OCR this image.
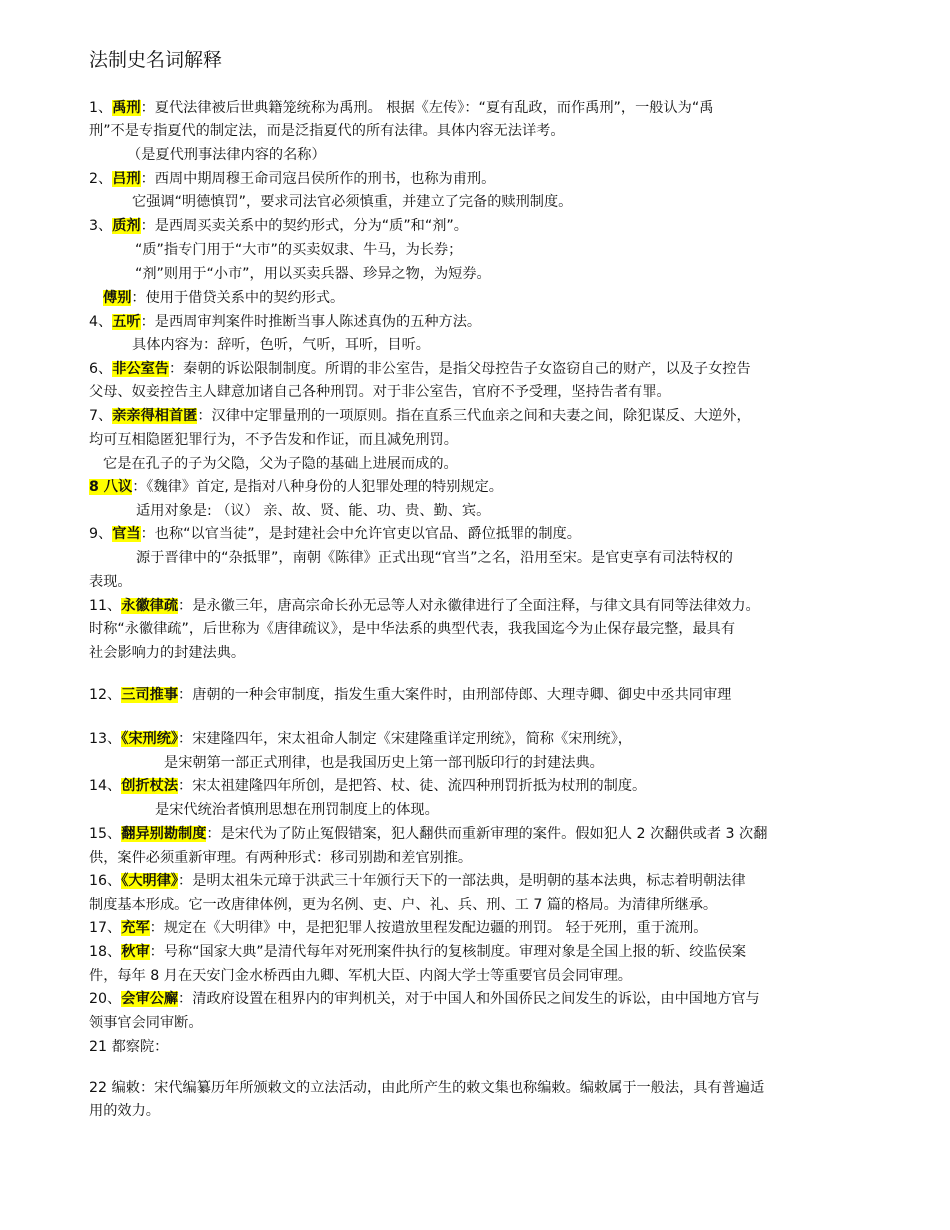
法制史名词解释
1、禹刑：夏代法律被后世典籍笼统称为禹刑。 根据《左传》：“夏有乱政，而作禹刑”，一般认为“禹
刑”不是专指夏代的制定法，而是泛指夏代的所有法律。具体内容无法详考。
（是夏代刑事法律内容的名称）
2、吕刑：西周中期周穆王命司寇吕侯所作的刑书，也称为甫刑。
它强调“明德慎罚”，要求司法官必须慎重，并建立了完备的赎刑制度。
3、质剂：是西周买卖关系中的契约形式，分为“质”和“剂”。
“质”指专门用于“大市”的买卖奴隶、牛马，为长券；
“剂”则用于“小市”，用以买卖兵器、珍异之物，为短券。
傅别：使用于借贷关系中的契约形式。
4、五听：是西周审判案件时推断当事人陈述真伪的五种方法。
具体内容为：辞听，色听，气听，耳听，目听。
6、非公室告：秦朝的诉讼限制制度。所谓的非公室告，是指父母控告子女盗窃自己的财产，以及子女控告
父母、奴妾控告主人肆意加诸自己各种刑罚。对于非公室告，官府不予受理，坚持告者有罪。
7、亲亲得相首匿：汉律中定罪量刑的一项原则。指在直系三代血亲之间和夫妻之间，除犯谋反、大逆外，
均可互相隐匿犯罪行为，不予告发和作证，而且减免刑罚。
它是在孔子的子为父隐，父为子隐的基础上进展而成的。
8 八议：《魏律》首定, 是指对八种身份的人犯罪处理的特别规定。
适用对象是: （议） 亲、故、贤、能、功、贵、勤、宾。
9、官当：也称“以官当徒”，是封建社会中允许官吏以官品、爵位抵罪的制度。
源于晋律中的“杂抵罪”，南朝《陈律》正式出现“官当”之名，沿用至宋。是官吏享有司法特权的
表现。
11、永徽律疏：是永徽三年，唐高宗命长孙无忌等人对永徽律进行了全面注释，与律文具有同等法律效力。
时称“永徽律疏”，后世称为《唐律疏议》，是中华法系的典型代表，我我国迄今为止保存最完整，最具有
社会影响力的封建法典。
12、三司推事：唐朝的一种会审制度，指发生重大案件时，由刑部侍郎、大理寺卿、御史中丞共同审理
13、《宋刑统》：宋建隆四年，宋太祖命人制定《宋建隆重详定刑统》，简称《宋刑统》，
是宋朝第一部正式刑律，也是我国历史上第一部刊版印行的封建法典。
14、创折杖法：宋太祖建隆四年所创，是把笞、杖、徒、流四种刑罚折抵为杖刑的制度。
是宋代统治者慎刑思想在刑罚制度上的体现。
15、翻异别勘制度：是宋代为了防止冤假错案，犯人翻供而重新审理的案件。假如犯人 2 次翻供或者 3 次翻
供，案件必须重新审理。有两种形式：移司别勘和差官别推。
16、《大明律》：是明太祖朱元璋于洪武三十年颁行天下的一部法典，是明朝的基本法典，标志着明朝法律
制度基本形成。它一改唐律体例，更为名例、吏、户、礼、兵、刑、工 7 篇的格局。为清律所继承。
17、充军：规定在《大明律》中，是把犯罪人按遣放里程发配边疆的刑罚。 轻于死刑，重于流刑。
18、秋审：号称“国家大典”是清代每年对死刑案件执行的复核制度。审理对象是全国上报的斩、绞监侯案
件，每年 8 月在天安门金水桥西由九卿、军机大臣、内阁大学士等重要官员会同审理。
20、会审公廨：清政府设置在租界内的审判机关，对于中国人和外国侨民之间发生的诉讼，由中国地方官与
领事官会同审断。
21 都察院：
22 编敕：宋代编纂历年所颁敕文的立法活动，由此所产生的敕文集也称编敕。编敕属于一般法，具有普遍适
用的效力。
